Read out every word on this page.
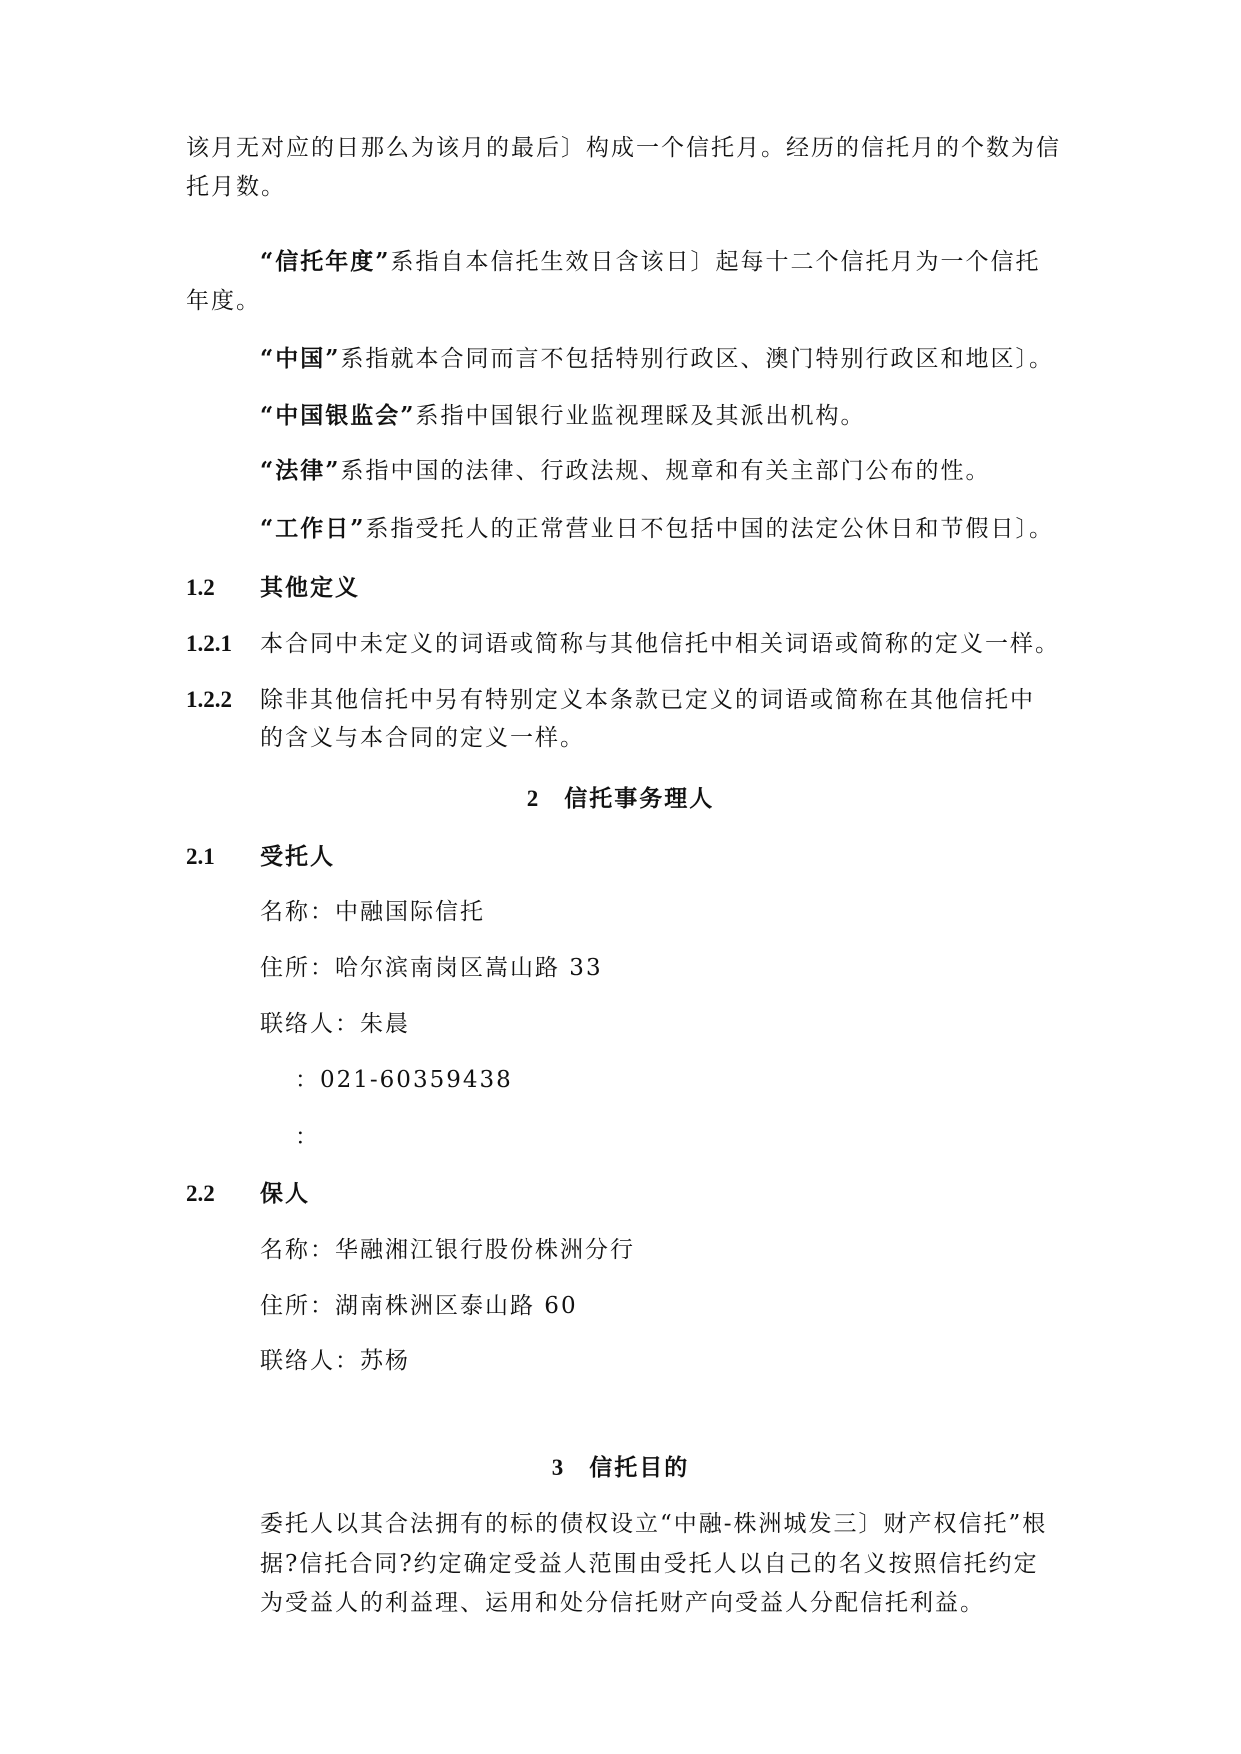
该月无对应的日那么为该月的最后〕构成一个信托月。经历的信托月的个数为信
托月数。
“信托年度”系指自本信托生效日含该日〕起每十二个信托月为一个信托
年度。
“中国”系指就本合同而言不包括特别行政区、澳门特别行政区和地区〕。
“中国银监会”系指中国银行业监视理睬及其派出机构。
“法律”系指中国的法律、行政法规、规章和有关主部门公布的性。
“工作日”系指受托人的正常营业日不包括中国的法定公休日和节假日〕。
1.2 其他定义
1.2.1 本合同中未定义的词语或简称与其他信托中相关词语或简称的定义一样。
1.2.2 除非其他信托中另有特别定义本条款已定义的词语或简称在其他信托中
的含义与本合同的定义一样。
2 信托事务理人
2.1 受托人
名称：中融国际信托
住所：哈尔滨南岗区嵩山路 33
联络人：朱晨
：021-60359438
：
2.2 保人
名称：华融湘江银行股份株洲分行
住所：湖南株洲区泰山路 60
联络人：苏杨
3 信托目的
委托人以其合法拥有的标的债权设立“中融-株洲城发三〕财产权信托”根
据?信托合同?约定确定受益人范围由受托人以自己的名义按照信托约定
为受益人的利益理、运用和处分信托财产向受益人分配信托利益。
